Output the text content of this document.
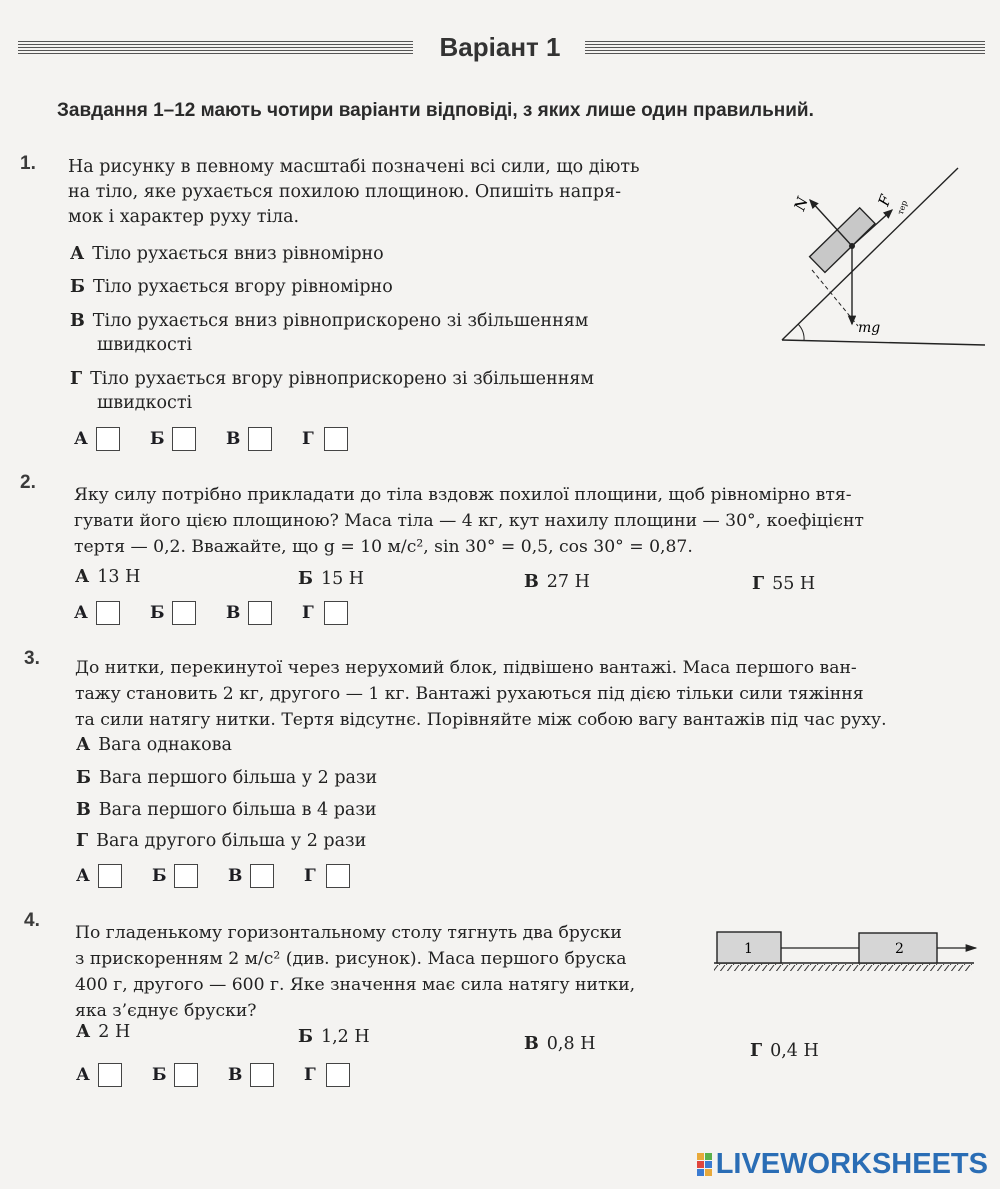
Варіант 1
Завдання 1–12 мають чотири варіанти відповіді, з яких лише один правильний.
1. На рисунку в певному масштабі позначені всі сили, що діють
на тіло, яке рухається похилою площиною. Опишіть напря-
мок і характер руху тіла.
А Тіло рухається вниз рівномірно
Б Тіло рухається вгору рівномірно
В Тіло рухається вниз рівноприскорено зі збільшенням
швидкості
Г Тіло рухається вгору рівноприскорено зі збільшенням
швидкості
А	Б	В	Г
N	F тер
mg
2.
Яку силу потрібно прикладати до тіла вздовж похилої площини, щоб рівномірно втя-
гувати його цією площиною? Маса тіла — 4 кг, кут нахилу площини — 30°, коефіцієнт
тертя — 0,2. Вважайте, що g = 10 м/с², sin 30° = 0,5, cos 30° = 0,87.
А 13 Н	Б 15 Н	В 27 Н	Г 55 Н
А	Б	В	Г
3. До нитки, перекинутої через нерухомий блок, підвішено вантажі. Маса першого ван-
тажу становить 2 кг, другого — 1 кг. Вантажі рухаються під дією тільки сили тяжіння
та сили натягу нитки. Тертя відсутнє. Порівняйте між собою вагу вантажів під час руху.
А Вага однакова
Б Вага першого більша у 2 рази
В Вага першого більша в 4 рази
Г Вага другого більша у 2 рази
А	Б	В	Г
4.
По гладенькому горизонтальному столу тягнуть два бруски
з прискоренням 2 м/с² (див. рисунок). Маса першого бруска
400 г, другого — 600 г. Яке значення має сила натягу нитки,
яка з’єднує бруски?
А 2 Н	Б 1,2 Н	В 0,8 Н	Г 0,4 Н
А	Б	В	Г
1	2
LIVEWORKSHEETS
